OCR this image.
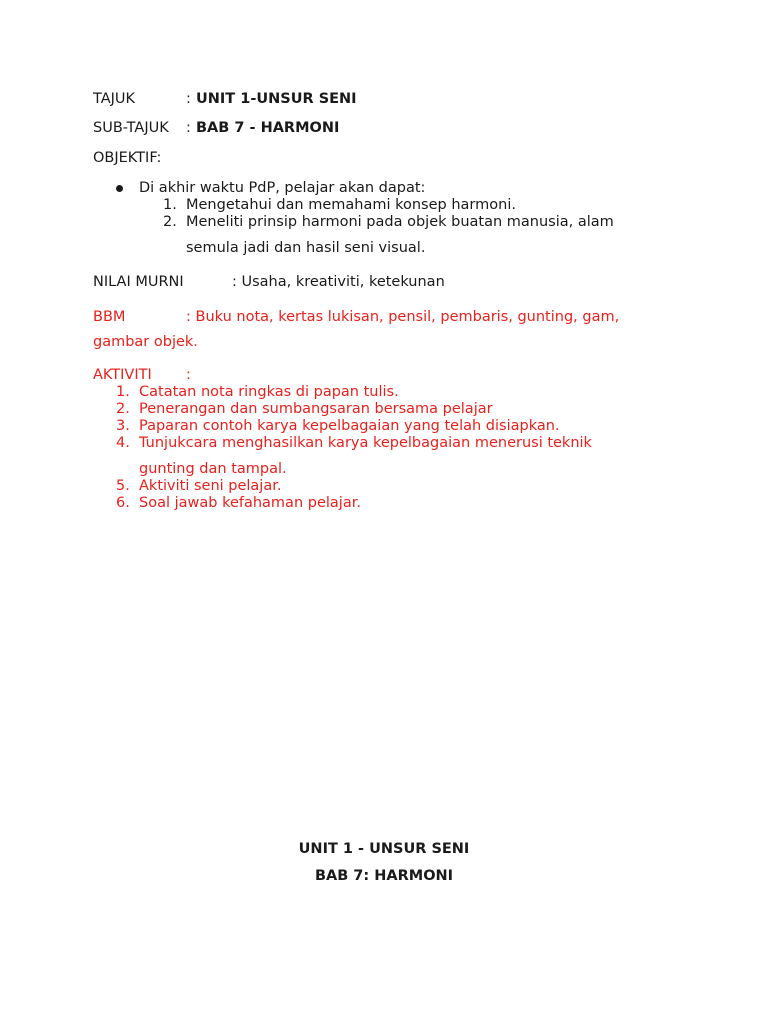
TAJUK	: UNIT 1-UNSUR SENI
SUB-TAJUK : BAB 7 - HARMONI
OBJEKTIF:
Di akhir waktu PdP, pelajar akan dapat:
1. Mengetahui dan memahami konsep harmoni.
2. Meneliti prinsip harmoni pada objek buatan manusia, alam
semula jadi dan hasil seni visual.
NILAI MURNI	: Usaha, kreativiti, ketekunan
BBM	: Buku nota, kertas lukisan, pensil, pembaris, gunting, gam,
gambar objek.
AKTIVITI :
1. Catatan nota ringkas di papan tulis.
2. Penerangan dan sumbangsaran bersama pelajar
3. Paparan contoh karya kepelbagaian yang telah disiapkan.
4. Tunjukcara menghasilkan karya kepelbagaian menerusi teknik
gunting dan tampal.
5. Aktiviti seni pelajar.
6. Soal jawab kefahaman pelajar.
UNIT 1 - UNSUR SENI
BAB 7: HARMONI
